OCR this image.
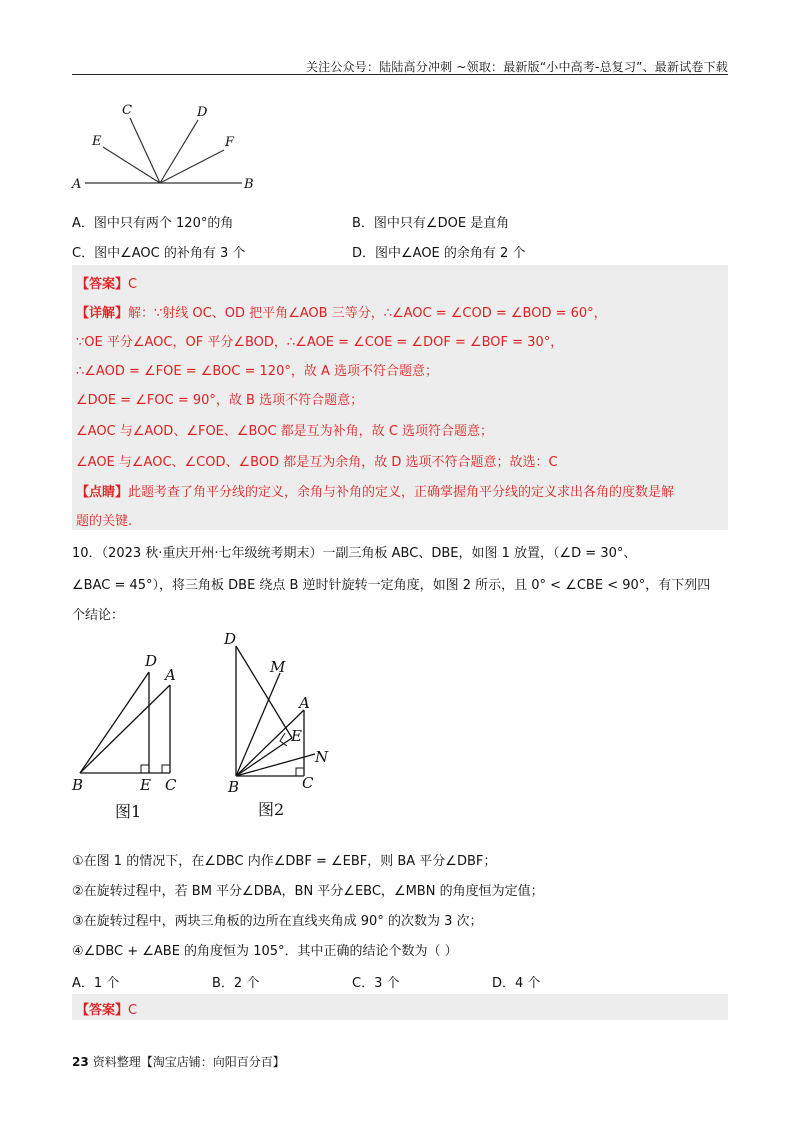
关注公众号：陆陆高分冲刺 ~领取：最新版“小中高考-总复习”、最新试卷下载
C	D
E	F
A	B
A．图中只有两个 120°的角	B．图中只有∠DOE 是直角
C．图中∠AOC 的补角有 3 个	D．图中∠AOE 的余角有 2 个
【答案】C
【详解】解：∵射线 OC、OD 把平角∠AOB 三等分，∴∠AOC = ∠COD = ∠BOD = 60°，
∵OE 平分∠AOC，OF 平分∠BOD，∴∠AOE = ∠COE = ∠DOF = ∠BOF = 30°，
∴∠AOD = ∠FOE = ∠BOC = 120°，故 A 选项不符合题意；
∠DOE = ∠FOC = 90°，故 B 选项不符合题意；
∠AOC 与∠AOD、∠FOE、∠BOC 都是互为补角，故 C 选项符合题意；
∠AOE 与∠AOC、∠COD、∠BOD 都是互为余角，故 D 选项不符合题意；故选：C
【点睛】此题考查了角平分线的定义，余角与补角的定义，正确掌握角平分线的定义求出各角的度数是解
题的关键.
10．（2023 秋·重庆开州·七年级统考期末）一副三角板 ABC、DBE，如图 1 放置，（∠D = 30°、
∠BAC = 45°），将三角板 DBE 绕点 B 逆时针旋转一定角度，如图 2 所示，且 0° < ∠CBE < 90°，有下列四
个结论：
D
A
B	E C
图1
D
M
A
E
N
B	C
图2
①在图 1 的情况下，在∠DBC 内作∠DBF = ∠EBF，则 BA 平分∠DBF；
②在旋转过程中，若 BM 平分∠DBA，BN 平分∠EBC，∠MBN 的角度恒为定值；
③在旋转过程中，两块三角板的边所在直线夹角成 90° 的次数为 3 次；
④∠DBC + ∠ABE 的角度恒为 105°．其中正确的结论个数为（ ）
A．1 个	B．2 个	C．3 个	D．4 个
【答案】C
23 资料整理【淘宝店铺：向阳百分百】
